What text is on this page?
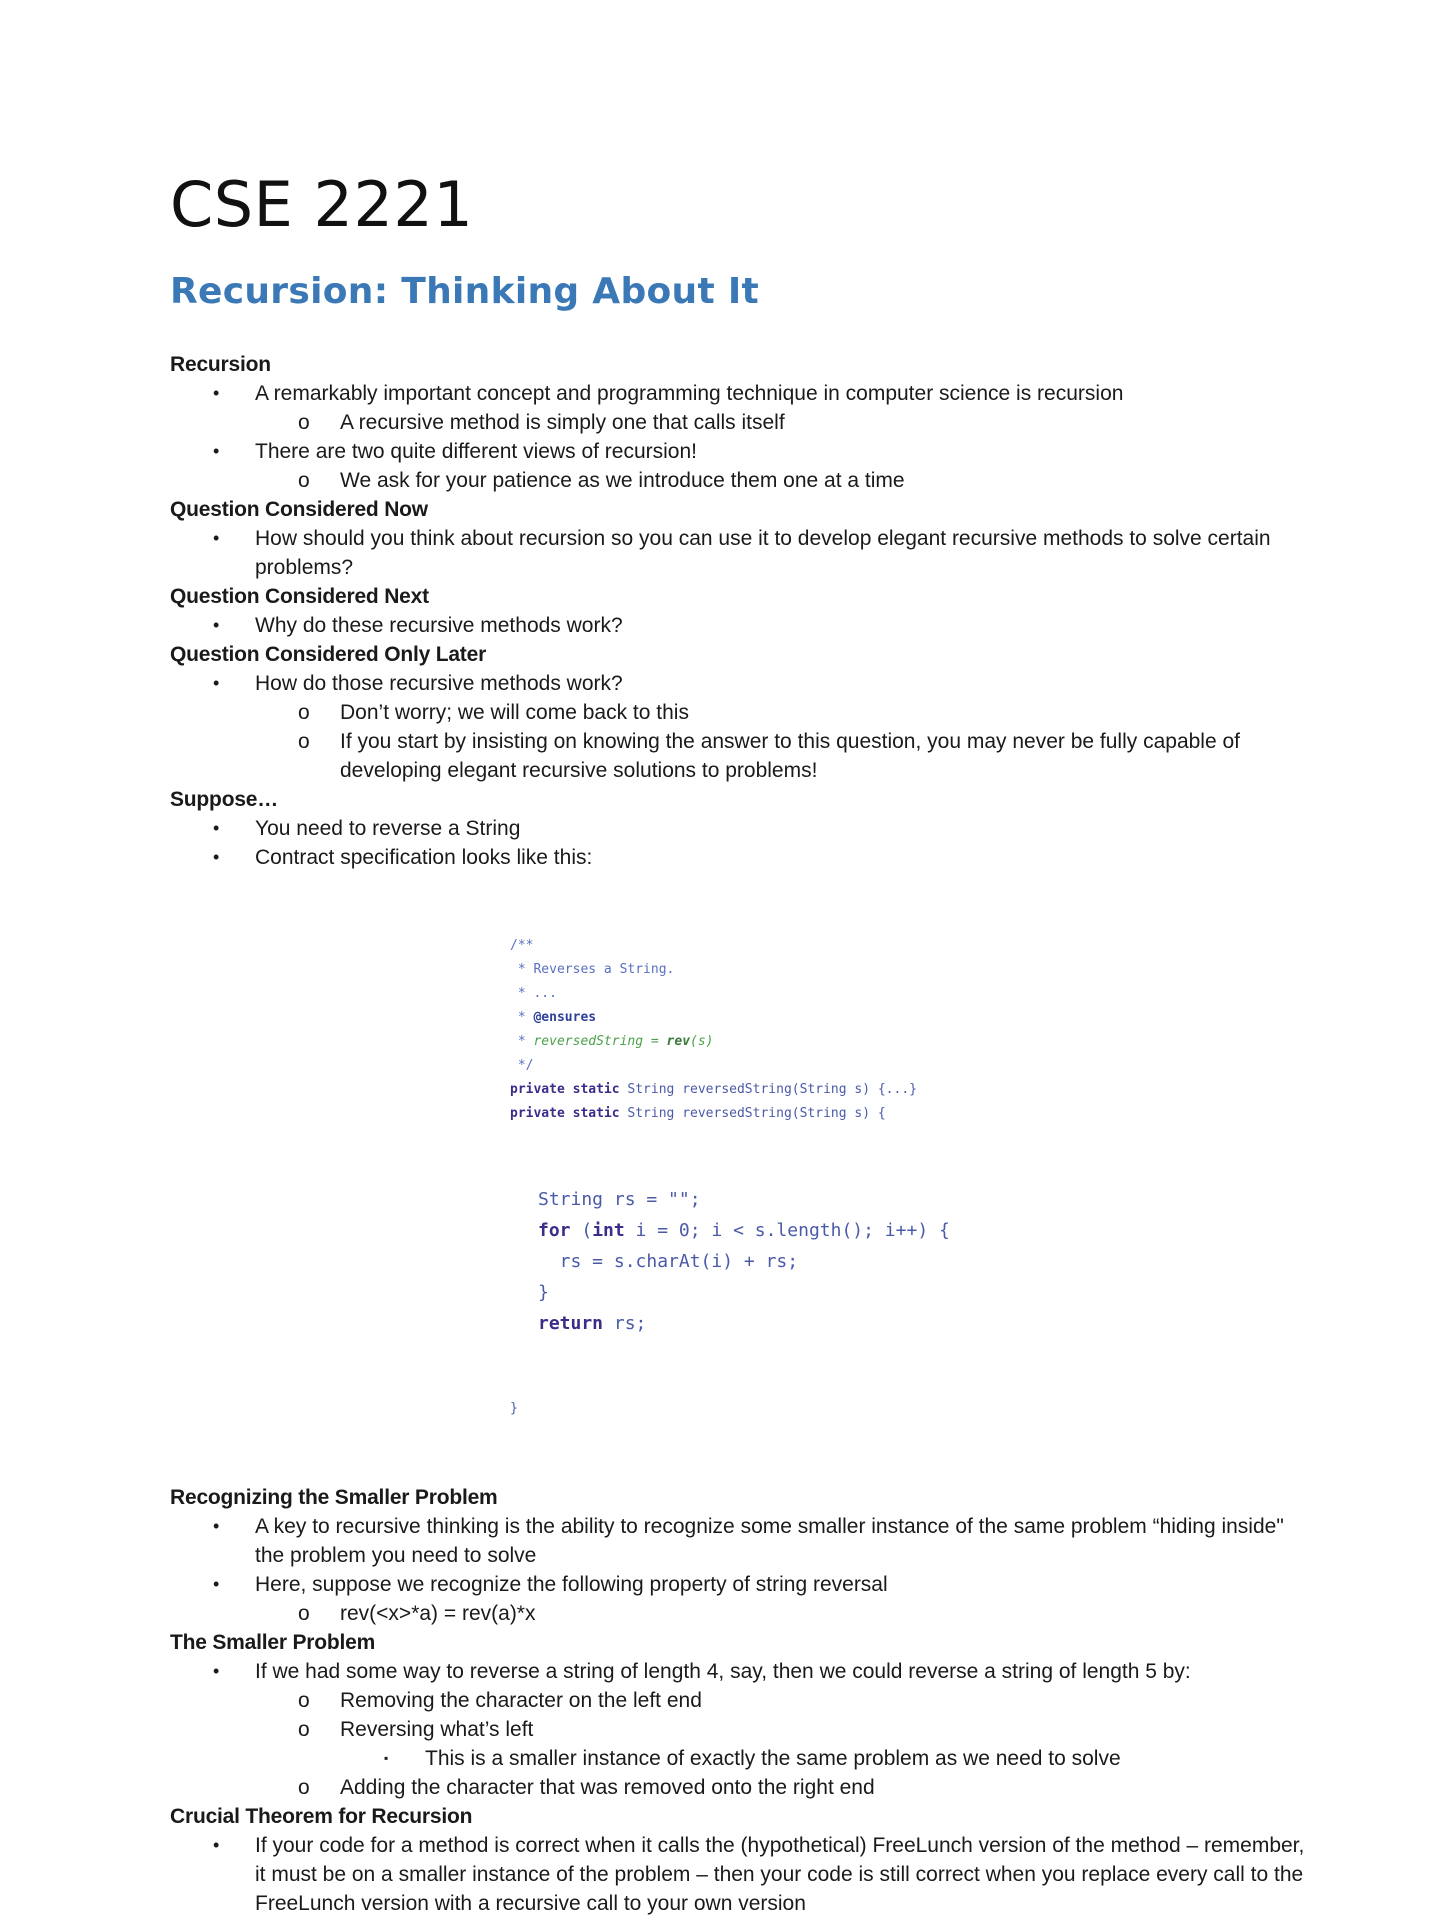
CSE 2221
Recursion: Thinking About It
Recursion
• A remarkably important concept and programming technique in computer science is recursion
o A recursive method is simply one that calls itself
• There are two quite different views of recursion!
o We ask for your patience as we introduce them one at a time
Question Considered Now
• How should you think about recursion so you can use it to develop elegant recursive methods to solve certain problems?
Question Considered Next
• Why do these recursive methods work?
Question Considered Only Later
• How do those recursive methods work?
o Don’t worry; we will come back to this
o If you start by insisting on knowing the answer to this question, you may never be fully capable of developing elegant recursive solutions to problems!
Suppose…
• You need to reverse a String
• Contract specification looks like this:

/**
* Reverses a String.
* ...
* @ensures
* reversedString = rev(s)
*/
private static String reversedString(String s) {...}
private static String reversedString(String s) {

String rs = "";
for (int i = 0; i < s.length(); i++) {
rs = s.charAt(i) + rs;
}
return rs;

}

Recognizing the Smaller Problem
• A key to recursive thinking is the ability to recognize some smaller instance of the same problem “hiding inside" the problem you need to solve
• Here, suppose we recognize the following property of string reversal
o rev(<x>*a) = rev(a)*x
The Smaller Problem
• If we had some way to reverse a string of length 4, say, then we could reverse a string of length 5 by:
o Removing the character on the left end
o Reversing what’s left
▪ This is a smaller instance of exactly the same problem as we need to solve
o Adding the character that was removed onto the right end
Crucial Theorem for Recursion
• If your code for a method is correct when it calls the (hypothetical) FreeLunch version of the method – remember, it must be on a smaller instance of the problem – then your code is still correct when you replace every call to the FreeLunch version with a recursive call to your own version
